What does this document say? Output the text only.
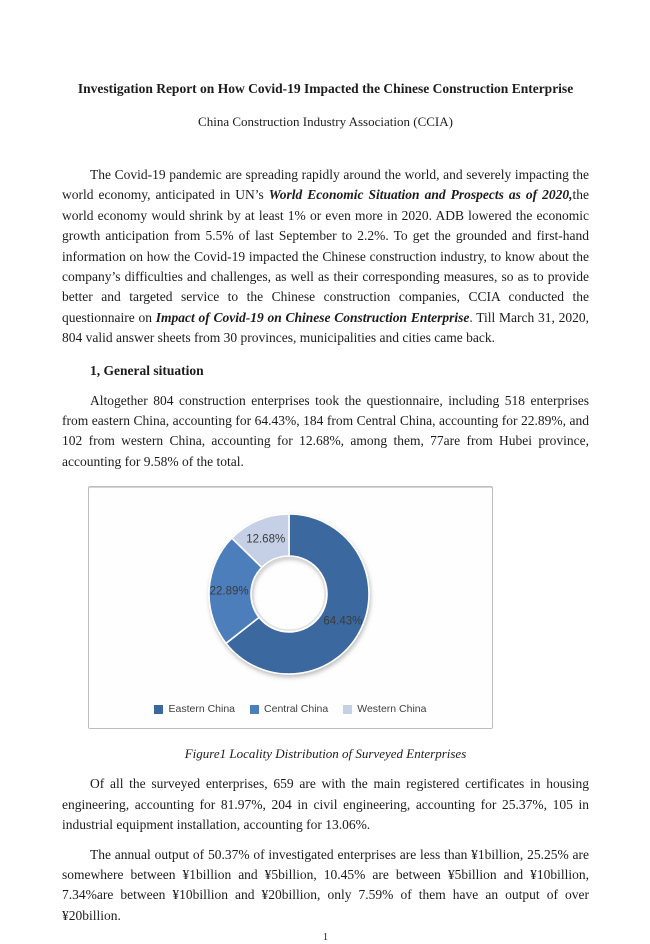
Investigation Report on How Covid-19 Impacted the Chinese Construction Enterprise
China Construction Industry Association (CCIA)

The Covid-19 pandemic are spreading rapidly around the world, and severely impacting the world economy, anticipated in UN’s World Economic Situation and Prospects as of 2020,the world economy would shrink by at least 1% or even more in 2020. ADB lowered the economic growth anticipation from 5.5% of last September to 2.2%. To get the grounded and first-hand information on how the Covid-19 impacted the Chinese construction industry, to know about the company’s difficulties and challenges, as well as their corresponding measures, so as to provide better and targeted service to the Chinese construction companies, CCIA conducted the questionnaire on Impact of Covid-19 on Chinese Construction Enterprise. Till March 31, 2020, 804 valid answer sheets from 30 provinces, municipalities and cities came back.

1, General situation

Altogether 804 construction enterprises took the questionnaire, including 518 enterprises from eastern China, accounting for 64.43%, 184 from Central China, accounting for 22.89%, and 102 from western China, accounting for 12.68%, among them, 77are from Hubei province, accounting for 9.58% of the total.

64.43%
22.89%
12.68%
Eastern China	Central China	Western China
Figure1 Locality Distribution of Surveyed Enterprises

Of all the surveyed enterprises, 659 are with the main registered certificates in housing engineering, accounting for 81.97%, 204 in civil engineering, accounting for 25.37%, 105 in industrial equipment installation, accounting for 13.06%.

The annual output of 50.37% of investigated enterprises are less than ¥1billion, 25.25% are somewhere between ¥1billion and ¥5billion, 10.45% are between ¥5billion and ¥10billion, 7.34%are between ¥10billion and ¥20billion, only 7.59% of them have an output of over ¥20billion.

1
